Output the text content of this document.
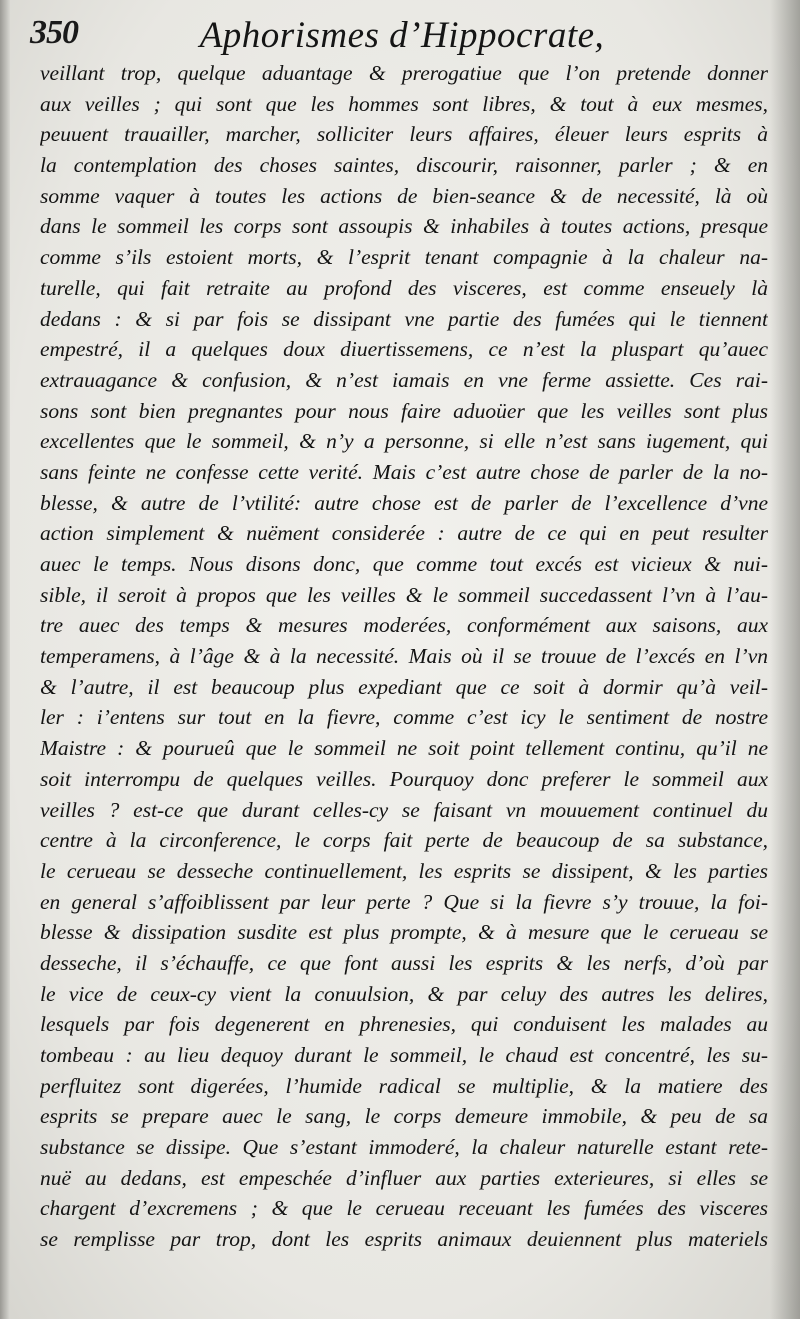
350	Aphorismes d’Hippocrate,
veillant trop, quelque aduantage & prerogatiue que l’on pretende donner
aux veilles ; qui sont que les hommes sont libres, & tout à eux mesmes,
peuuent trauailler, marcher, solliciter leurs affaires, éleuer leurs esprits à
la contemplation des choses saintes, discourir, raisonner, parler ; & en
somme vaquer à toutes les actions de bien-seance & de necessité, là où
dans le sommeil les corps sont assoupis & inhabiles à toutes actions, presque
comme s’ils estoient morts, & l’esprit tenant compagnie à la chaleur na-
turelle, qui fait retraite au profond des visceres, est comme enseuely là
dedans : & si par fois se dissipant vne partie des fumées qui le tiennent
empestré, il a quelques doux diuertissemens, ce n’est la pluspart qu’auec
extrauagance & confusion, & n’est iamais en vne ferme assiette. Ces rai-
sons sont bien pregnantes pour nous faire aduoüer que les veilles sont plus
excellentes que le sommeil, & n’y a personne, si elle n’est sans iugement, qui
sans feinte ne confesse cette verité. Mais c’est autre chose de parler de la no-
blesse, & autre de l’vtilité: autre chose est de parler de l’excellence d’vne
action simplement & nuëment considerée : autre de ce qui en peut resulter
auec le temps. Nous disons donc, que comme tout excés est vicieux & nui-
sible, il seroit à propos que les veilles & le sommeil succedassent l’vn à l’au-
tre auec des temps & mesures moderées, conformément aux saisons, aux
temperamens, à l’âge & à la necessité. Mais où il se trouue de l’excés en l’vn
& l’autre, il est beaucoup plus expediant que ce soit à dormir qu’à veil-
ler : i’entens sur tout en la fievre, comme c’est icy le sentiment de nostre
Maistre : & pourueû que le sommeil ne soit point tellement continu, qu’il ne
soit interrompu de quelques veilles. Pourquoy donc preferer le sommeil aux
veilles ? est-ce que durant celles-cy se faisant vn mouuement continuel du
centre à la circonference, le corps fait perte de beaucoup de sa substance,
le cerueau se desseche continuellement, les esprits se dissipent, & les parties
en general s’affoiblissent par leur perte ? Que si la fievre s’y trouue, la foi-
blesse & dissipation susdite est plus prompte, & à mesure que le cerueau se
desseche, il s’échauffe, ce que font aussi les esprits & les nerfs, d’où par
le vice de ceux-cy vient la conuulsion, & par celuy des autres les delires,
lesquels par fois degenerent en phrenesies, qui conduisent les malades au
tombeau : au lieu dequoy durant le sommeil, le chaud est concentré, les su-
perfluitez sont digerées, l’humide radical se multiplie, & la matiere des
esprits se prepare auec le sang, le corps demeure immobile, & peu de sa
substance se dissipe. Que s’estant immoderé, la chaleur naturelle estant rete-
nuë au dedans, est empeschée d’influer aux parties exterieures, si elles se
chargent d’excremens ; & que le cerueau receuant les fumées des visceres
se remplisse par trop, dont les esprits animaux deuiennent plus materiels
